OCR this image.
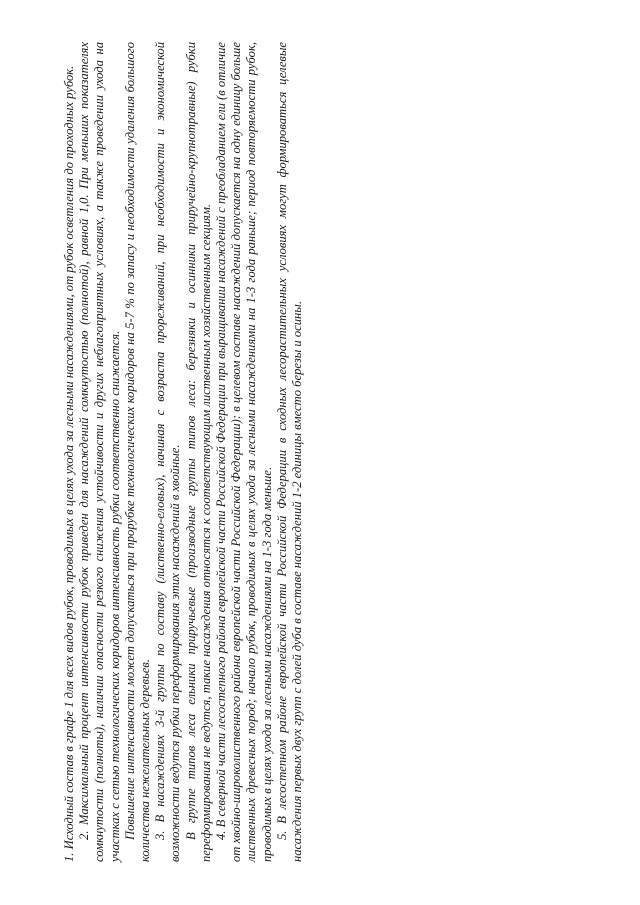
1. Исходный состав в графе 1 для всех видов рубок, проводимых в целях ухода за лесными насаждениями, от рубок осветления до проходных рубок. 2. Максимальный процент интенсивности рубок приведен для насаждений сомкнутостью (полнотой), равной 1,0. При меньших показателях сомкнутости (полноты), наличии опасности резкого снижения устойчивости и других неблагоприятных условиях, а также проведении ухода на участках с сетью технологических коридоров интенсивность рубки соответственно снижается. Повышение интенсивности может допускаться при прорубке технологических коридоров на 5-7 % по запасу и необходимости удаления большого количества нежелательных деревьев. 3. В насаждениях 3-й группы по составу (лиственно-еловых), начиная с возраста прореживаний, при необходимости и экономической возможности ведутся рубки переформирования этих насаждений в хвойные. В группе типов леса ельники приручьевые (производные группы типов леса: березняки и осинники приручейно-крупнотравные) рубки переформирования не ведутся, такие насаждения относятся к соответствующим лиственным хозяйственным секциям. 4. В северной части лесостепного района европейской части Российской Федерации при выращивании насаждений с преобладанием ели (в отличие от хвойно-широколиственного района европейской части Российской Федерации): в целевом составе насаждений допускается на одну единицу больше лиственных древесных пород; начало рубок, проводимых в целях ухода за лесными насаждениями на 1-3 года раньше; период повторяемости рубок, проводимых в целях ухода за лесными насаждениями на 1-3 года меньше. 5. В лесостепном районе европейской части Российской Федерации в сходных лесорастительных условиях могут формироваться целевые насаждения первых двух групп с долей дуба в составе насаждений 1-2 единицы вместо березы и осины.
